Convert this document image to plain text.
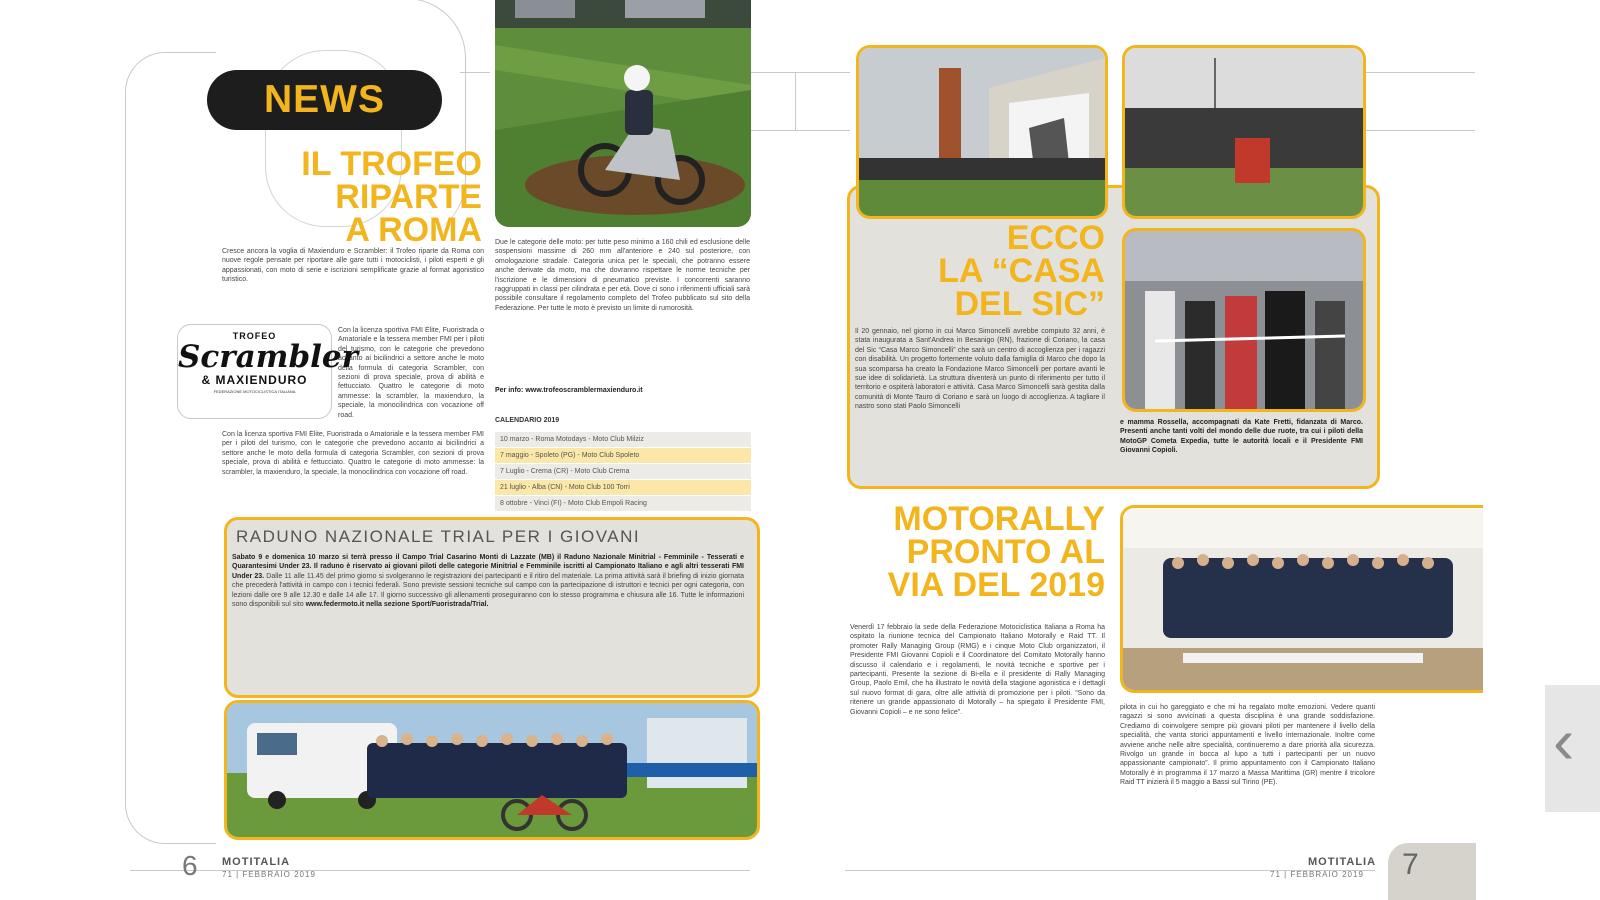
NEWS
IL TROFEO
RIPARTE
A ROMA
Cresce ancora la voglia di Maxienduro e Scrambler: il Trofeo riparte da Roma con nuove regole pensate per riportare alle gare tutti i motociclisti, i piloti esperti e gli appassionati, con moto di serie e iscrizioni semplificate grazie al format agonistico turistico.
Con la licenza sportiva FMI Élite, Fuoristrada o Amatoriale e la tessera member FMI per i piloti del turismo, con le categorie che prevedono accanto ai bicilindrici a settore anche le moto della formula di categoria Scrambler, con sezioni di prova speciale, prova di abilità e fettucciato. Quattro le categorie di moto ammesse: la scrambler, la maxienduro, la speciale, la monocilindrica con vocazione off road.
Con la licenza sportiva FMI Élite, Fuoristrada o Amatoriale e la tessera member FMI per i piloti del turismo, con le categorie che prevedono accanto ai bicilindrici a settore anche le moto della formula di categoria Scrambler, con sezioni di prova speciale, prova di abilità e fettucciato. Quattro le categorie di moto ammesse: la scrambler, la maxienduro, la speciale, la monocilindrica con vocazione off road.
TROFEO
Scrambler
& MAXIENDURO
FEDERAZIONE MOTOCICLISTICA ITALIANA
Due le categorie delle moto: per tutte peso minimo a 160 chili ed esclusione delle sospensioni massime di 260 mm all'anteriore e 240 sul posteriore, con omologazione stradale. Categoria unica per le speciali, che potranno essere anche derivate da moto, ma che dovranno rispettare le norme tecniche per l'iscrizione e le dimensioni di pneumatico previste. I concorrenti saranno raggruppati in classi per cilindrata e per età. Dove ci sono i riferimenti ufficiali sarà possibile consultare il regolamento completo del Trofeo pubblicato sul sito della Federazione. Per tutte le moto è previsto un limite di rumorosità.
Per info: www.trofeoscramblermaxienduro.it
CALENDARIO 2019
10 marzo - Roma Motodays - Moto Club Milziz
7 maggio - Spoleto (PG) - Moto Club Spoleto
7 Luglio - Crema (CR) - Moto Club Crema
21 luglio - Alba (CN) - Moto Club 100 Torri
8 ottobre - Vinci (FI) - Moto Club Empoli Racing
RADUNO NAZIONALE TRIAL PER I GIOVANI
Sabato 9 e domenica 10 marzo si terrà presso il Campo Trial Casarino Monti di Lazzate (MB) il Raduno Nazionale Minitrial - Femminile - Tesserati e Quarantesimi Under 23. Il raduno è riservato ai giovani piloti delle categorie Minitrial e Femminile iscritti al Campionato Italiano e agli altri tesserati FMI Under 23. Dalle 11 alle 11.45 del primo giorno si svolgeranno le registrazioni dei partecipanti e il ritiro del materiale. La prima attività sarà il briefing di inizio giornata che precederà l'attività in campo con i tecnici federali. Sono previste sessioni tecniche sul campo con la partecipazione di istruttori e tecnici per ogni categoria, con lezioni dalle ore 9 alle 12.30 e dalle 14 alle 17. Il giorno successivo gli allenamenti proseguiranno con lo stesso programma e chiusura alle 16. Tutte le informazioni sono disponibili sul sito www.federmoto.it nella sezione Sport/Fuoristrada/Trial.
6 MOTITALIA
71 | FEBBRAIO 2019
ECCO
LA “CASA
DEL SIC”
Il 20 gennaio, nel giorno in cui Marco Simoncelli avrebbe compiuto 32 anni, è stata inaugurata a Sant'Andrea in Besanigo (RN), frazione di Coriano, la casa del Sic “Casa Marco Simoncelli” che sarà un centro di accoglienza per i ragazzi con disabilità. Un progetto fortemente voluto dalla famiglia di Marco che dopo la sua scomparsa ha creato la Fondazione Marco Simoncelli per portare avanti le sue idee di solidarietà. La struttura diventerà un punto di riferimento per tutto il territorio e ospiterà laboratori e attività. Casa Marco Simoncelli sarà gestita dalla comunità di Monte Tauro di Coriano e sarà un luogo di accoglienza. A tagliare il nastro sono stati Paolo Simoncelli
e mamma Rossella, accompagnati da Kate Fretti, fidanzata di Marco. Presenti anche tanti volti del mondo delle due ruote, tra cui i piloti della MotoGP Cometa Expedia, tutte le autorità locali e il Presidente FMI Giovanni Copioli.
MOTORALLY
PRONTO AL
VIA DEL 2019
Venerdì 17 febbraio la sede della Federazione Motociclistica Italiana a Roma ha ospitato la riunione tecnica del Campionato Italiano Motorally e Raid TT. Il promoter Rally Managing Group (RMG) e i cinque Moto Club organizzatori, il Presidente FMI Giovanni Copioli e il Coordinatore del Comitato Motorally hanno discusso il calendario e i regolamenti, le novità tecniche e sportive per i partecipanti. Presente la sezione di Bi-ella e il presidente di Rally Managing Group, Paolo Emil, che ha illustrato le novità della stagione agonistica e i dettagli sul nuovo format di gara, oltre alle attività di promozione per i piloti. “Sono da ritenere un grande appassionato di Motorally – ha spiegato il Presidente FMI, Giovanni Copioli – e ne sono felice”.
pilota in cui ho gareggiato e che mi ha regalato molte emozioni. Vedere quanti ragazzi si sono avvicinati a questa disciplina è una grande soddisfazione. Crediamo di coinvolgere sempre più giovani piloti per mantenere il livello della specialità, che vanta storici appuntamenti e livello internazionale. Inoltre come avviene anche nelle altre specialità, continueremo a dare priorità alla sicurezza. Rivolgo un grande in bocca al lupo a tutti i partecipanti per un nuovo appassionante campionato”. Il primo appuntamento con il Campionato Italiano Motorally è in programma il 17 marzo a Massa Marittima (GR) mentre il tricolore Raid TT inizierà il 5 maggio a Bassi sul Tirino (PE).
MOTITALIA
71 | FEBBRAIO 2019 7
‹
